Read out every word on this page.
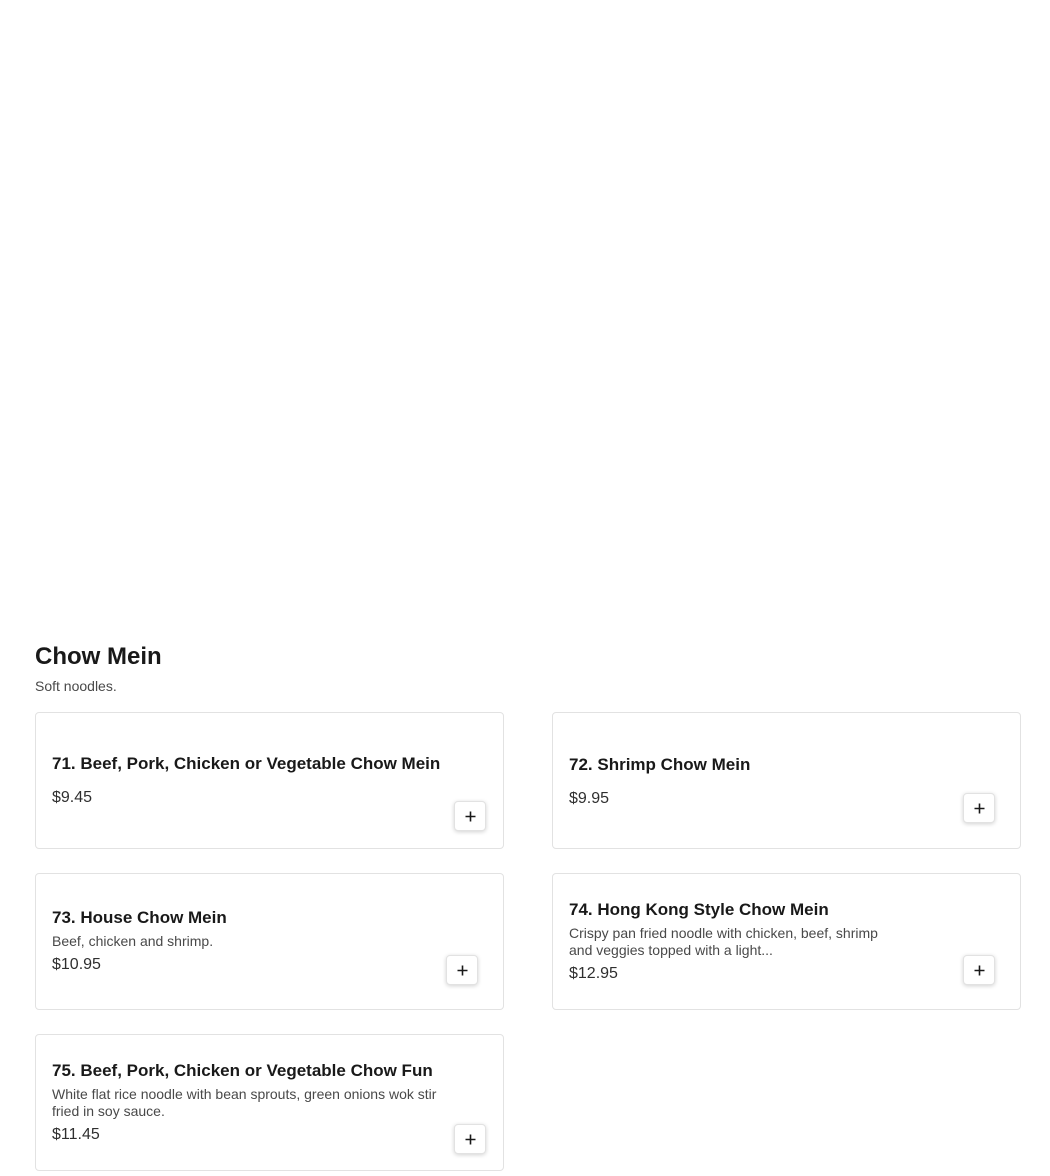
Chow Mein
Soft noodles.
71. Beef, Pork, Chicken or Vegetable Chow Mein
$9.45
72. Shrimp Chow Mein
$9.95
73. House Chow Mein
Beef, chicken and shrimp.
$10.95
74. Hong Kong Style Chow Mein
Crispy pan fried noodle with chicken, beef, shrimp and veggies topped with a light...
$12.95
75. Beef, Pork, Chicken or Vegetable Chow Fun
White flat rice noodle with bean sprouts, green onions wok stir fried in soy sauce.
$11.45
